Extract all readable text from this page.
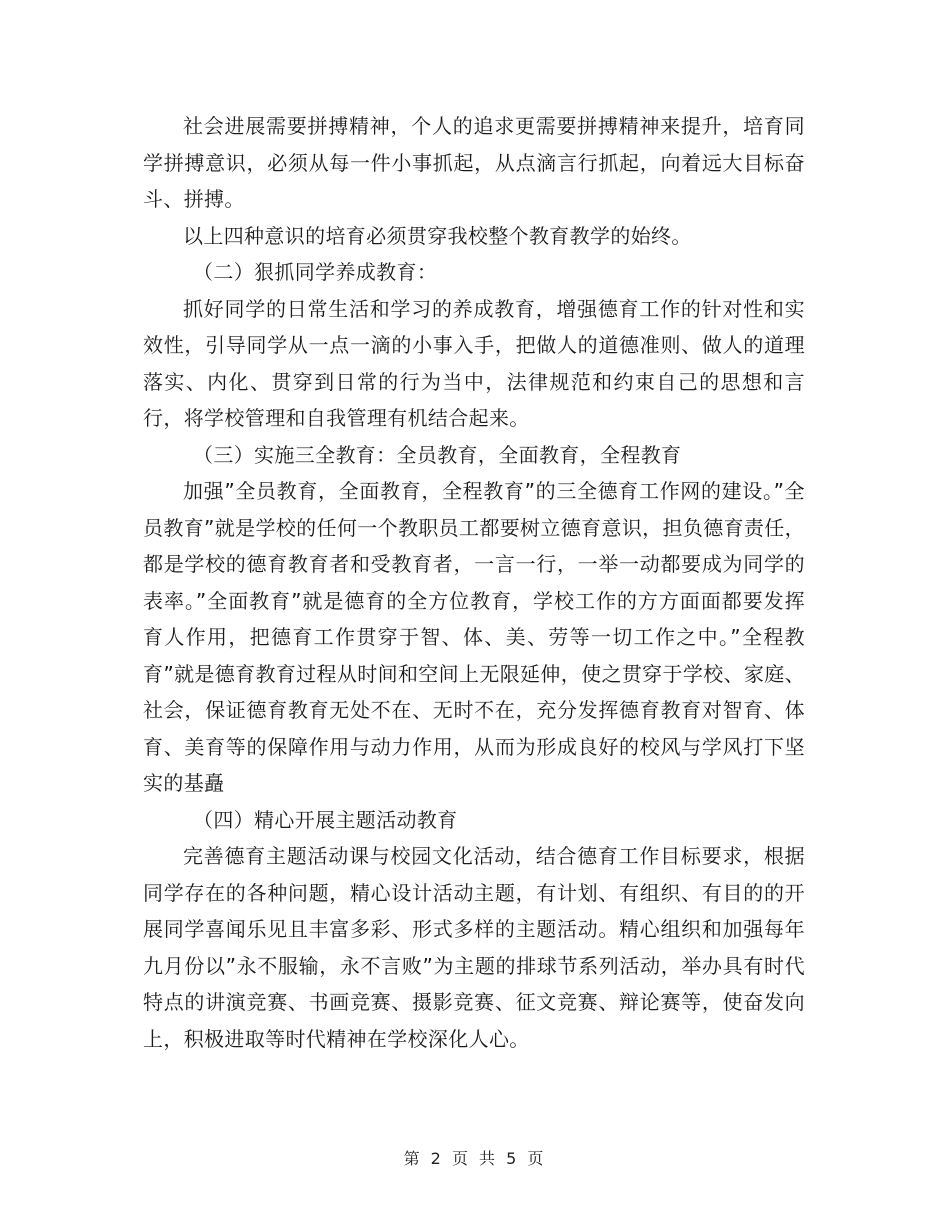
社会进展需要拼搏精神，个人的追求更需要拼搏精神来提升，培育同学拼搏意识，必须从每一件小事抓起，从点滴言行抓起，向着远大目标奋斗、拼搏。

以上四种意识的培育必须贯穿我校整个教育教学的始终。

（二）狠抓同学养成教育：

抓好同学的日常生活和学习的养成教育，增强德育工作的针对性和实效性，引导同学从一点一滴的小事入手，把做人的道德准则、做人的道理落实、内化、贯穿到日常的行为当中，法律规范和约束自己的思想和言行，将学校管理和自我管理有机结合起来。

（三）实施三全教育：全员教育，全面教育，全程教育

加强”全员教育，全面教育，全程教育”的三全德育工作网的建设。”全员教育”就是学校的任何一个教职员工都要树立德育意识，担负德育责任，都是学校的德育教育者和受教育者，一言一行，一举一动都要成为同学的表率。”全面教育”就是德育的全方位教育，学校工作的方方面面都要发挥育人作用，把德育工作贯穿于智、体、美、劳等一切工作之中。”全程教育”就是德育教育过程从时间和空间上无限延伸，使之贯穿于学校、家庭、社会，保证德育教育无处不在、无时不在，充分发挥德育教育对智育、体育、美育等的保障作用与动力作用，从而为形成良好的校风与学风打下坚实的基矗

（四）精心开展主题活动教育

完善德育主题活动课与校园文化活动，结合德育工作目标要求，根据同学存在的各种问题，精心设计活动主题，有计划、有组织、有目的的开展同学喜闻乐见且丰富多彩、形式多样的主题活动。精心组织和加强每年九月份以”永不服输，永不言败”为主题的排球节系列活动，举办具有时代特点的讲演竞赛、书画竞赛、摄影竞赛、征文竞赛、辩论赛等，使奋发向上，积极进取等时代精神在学校深化人心。

第 2 页 共 5 页
